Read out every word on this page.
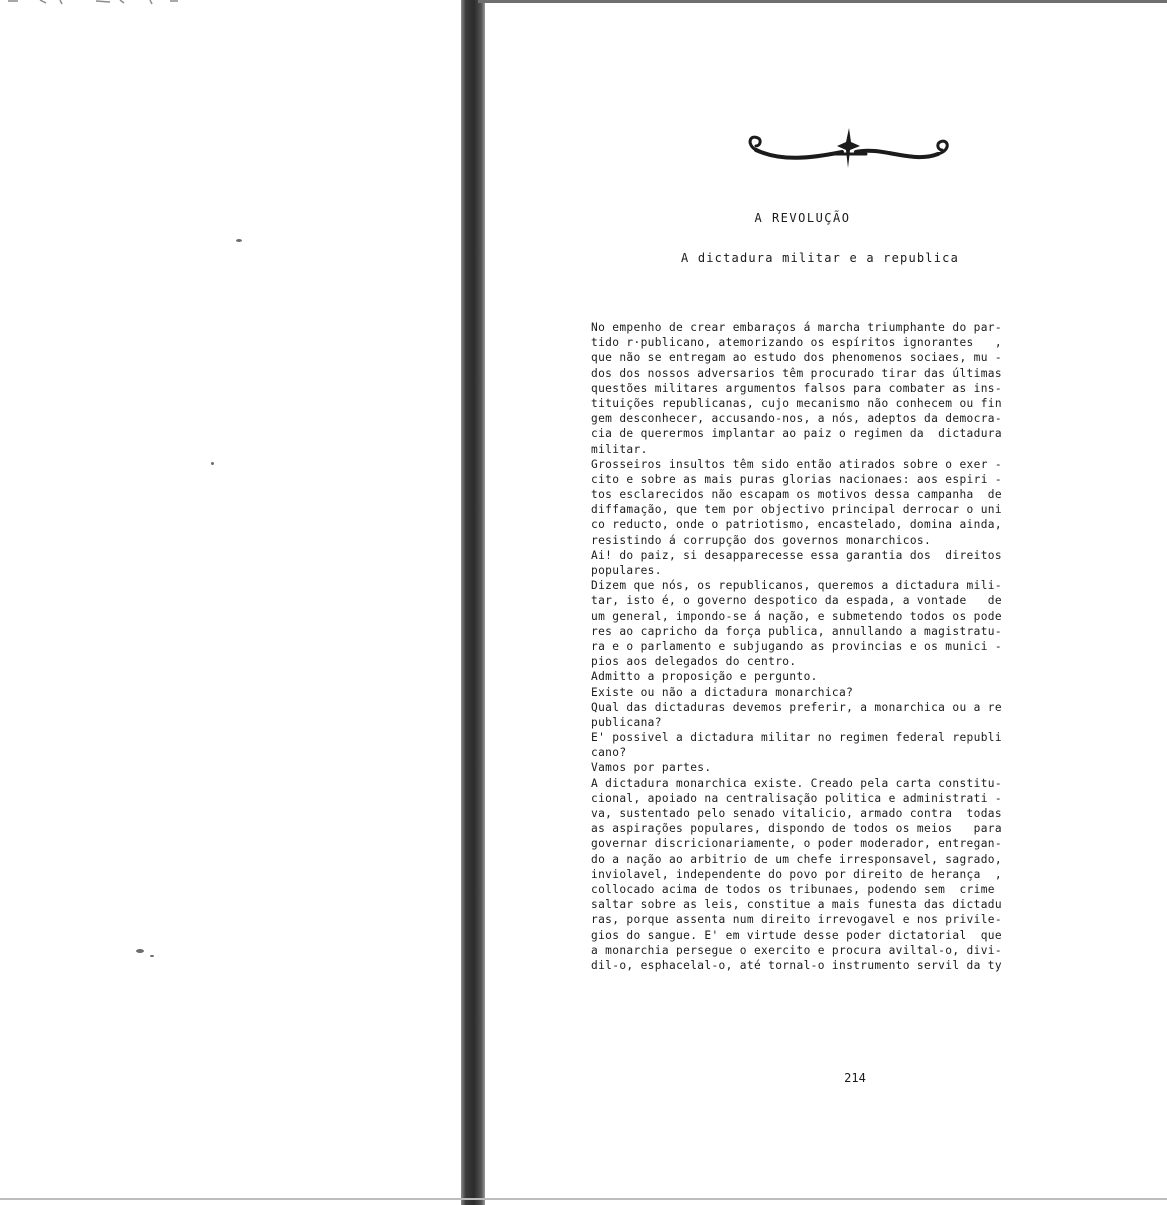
A REVOLUÇÃO
A dictadura militar e a republica
No empenho de crear embaraços á marcha triumphante do par-
tido r·publicano, atemorizando os espíritos ignorantes   ,
que não se entregam ao estudo dos phenomenos sociaes, mu -
dos dos nossos adversarios têm procurado tirar das últimas
questões militares argumentos falsos para combater as ins-
tituições republicanas, cujo mecanismo não conhecem ou fin
gem desconhecer, accusando-nos, a nós, adeptos da democra-
cia de querermos implantar ao paiz o regimen da  dictadura
militar.
Grosseiros insultos têm sido então atirados sobre o exer -
cito e sobre as mais puras glorias nacionaes: aos espiri -
tos esclarecidos não escapam os motivos dessa campanha  de
diffamação, que tem por objectivo principal derrocar o uni
co reducto, onde o patriotismo, encastelado, domina ainda,
resistindo á corrupção dos governos monarchicos.
Ai! do paiz, si desapparecesse essa garantia dos  direitos
populares.
Dizem que nós, os republicanos, queremos a dictadura mili-
tar, isto é, o governo despotico da espada, a vontade   de
um general, impondo-se á nação, e submetendo todos os pode
res ao capricho da força publica, annullando a magistratu-
ra e o parlamento e subjugando as provincias e os munici -
pios aos delegados do centro.
Admitto a proposição e pergunto.
Existe ou não a dictadura monarchica?
Qual das dictaduras devemos preferir, a monarchica ou a re
publicana?
E' possivel a dictadura militar no regimen federal republi
cano?
Vamos por partes.
A dictadura monarchica existe. Creado pela carta constitu-
cional, apoiado na centralisação politica e administrati -
va, sustentado pelo senado vitalicio, armado contra  todas
as aspirações populares, dispondo de todos os meios   para
governar discricionariamente, o poder moderador, entregan-
do a nação ao arbitrio de um chefe irresponsavel, sagrado,
inviolavel, independente do povo por direito de herança  ,
collocado acima de todos os tribunaes, podendo sem  crime
saltar sobre as leis, constitue a mais funesta das dictadu
ras, porque assenta num direito irrevogavel e nos privile-
gios do sangue. E' em virtude desse poder dictatorial  que
a monarchia persegue o exercito e procura aviltal-o, divi-
dil-o, esphacelal-o, até tornal-o instrumento servil da ty
214
